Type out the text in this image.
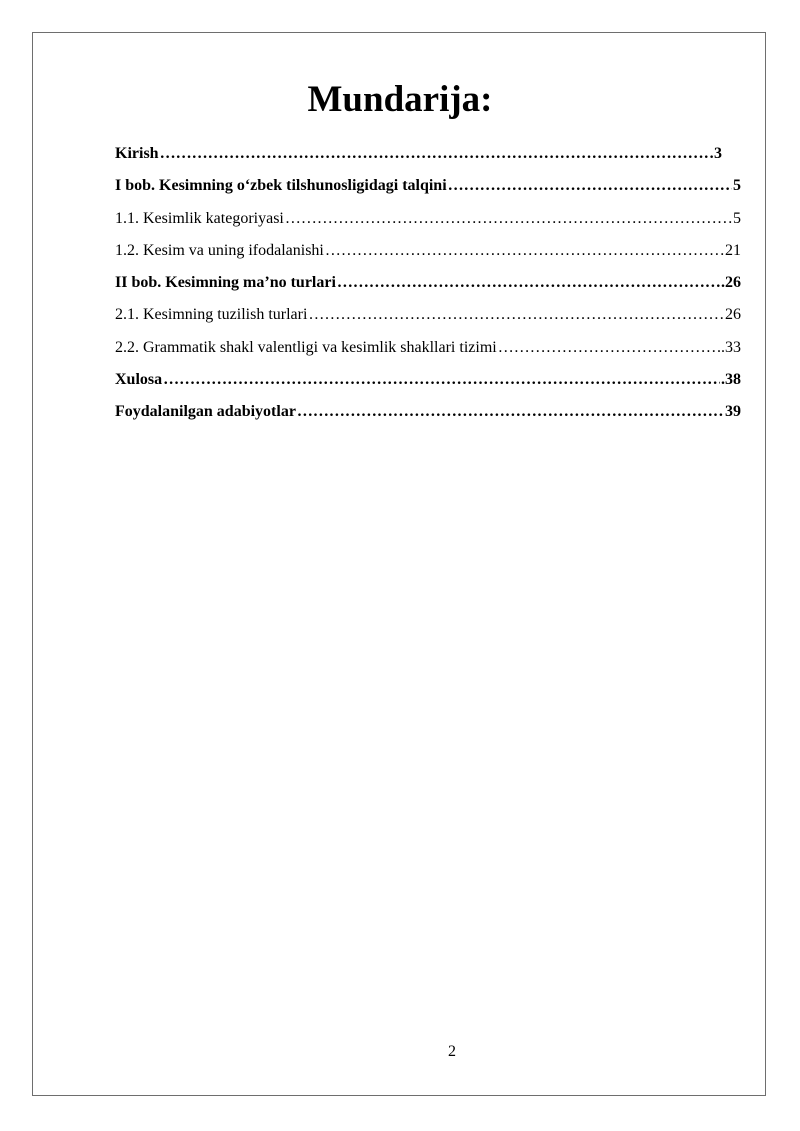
Mundarija:
Kirish ……………………………………………………………………………………………………………………………………………………	3
I bob. Kesimning o‘zbek tilshunosligidagi talqini ……………………………………………………………………………………………………………………………………………………	5
1.1. Kesimlik kategoriyasi ……………………………………………………………………………………………………………………………………………………	5
1.2. Kesim va uning ifodalanishi ……………………………………………………………………………………………………………………………………………………	21
II bob. Kesimning ma’no turlari ……………………………………………………………………………………………………………………………………………………	.26
2.1. Kesimning tuzilish turlari ……………………………………………………………………………………………………………………………………………………	26
2.2. Grammatik shakl valentligi va kesimlik shakllari tizimi ……………………………………………………………………………………………………………………………………………………	..33
Xulosa ……………………………………………………………………………………………………………………………………………………	.38
Foydalanilgan adabiyotlar ……………………………………………………………………………………………………………………………………………………	39
2
